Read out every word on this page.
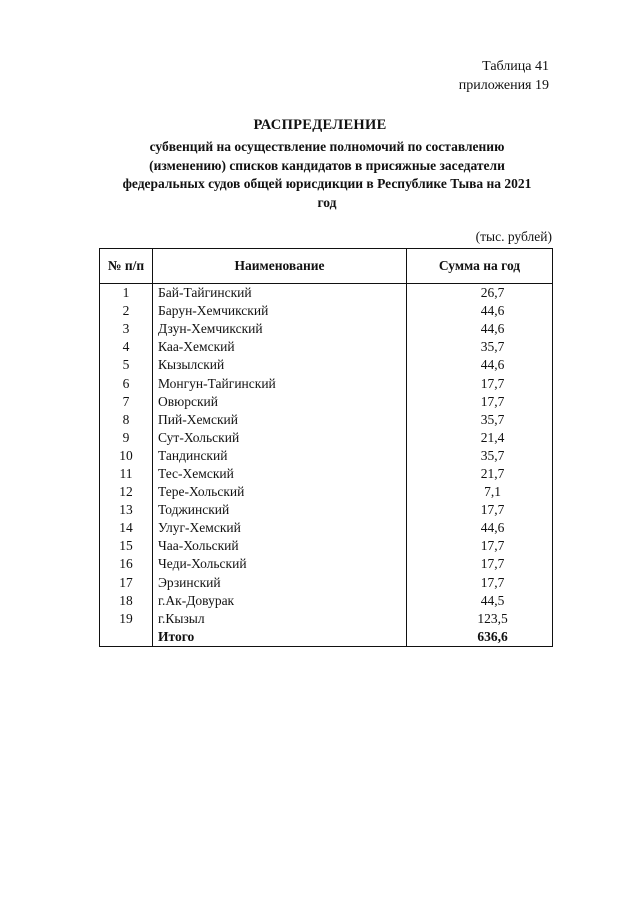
Таблица 41
приложения 19
РАСПРЕДЕЛЕНИЕ
субвенций на осуществление полномочий по составлению
(изменению) списков кандидатов в присяжные заседатели
федеральных судов общей юрисдикции в Республике Тыва на 2021
год
(тыс. рублей)
№ п/п	Наименование	Сумма на год
1	Бай-Тайгинский	26,7
2	Барун-Хемчикский	44,6
3	Дзун-Хемчикский	44,6
4	Каа-Хемский	35,7
5	Кызылский	44,6
6	Монгун-Тайгинский	17,7
7	Овюрский	17,7
8	Пий-Хемский	35,7
9	Сут-Хольский	21,4
10	Тандинский	35,7
11	Тес-Хемский	21,7
12	Тере-Хольский	7,1
13	Тоджинский	17,7
14	Улуг-Хемский	44,6
15	Чаа-Хольский	17,7
16	Чеди-Хольский	17,7
17	Эрзинский	17,7
18	г.Ак-Довурак	44,5
19	г.Кызыл	123,5
	Итого	636,6
